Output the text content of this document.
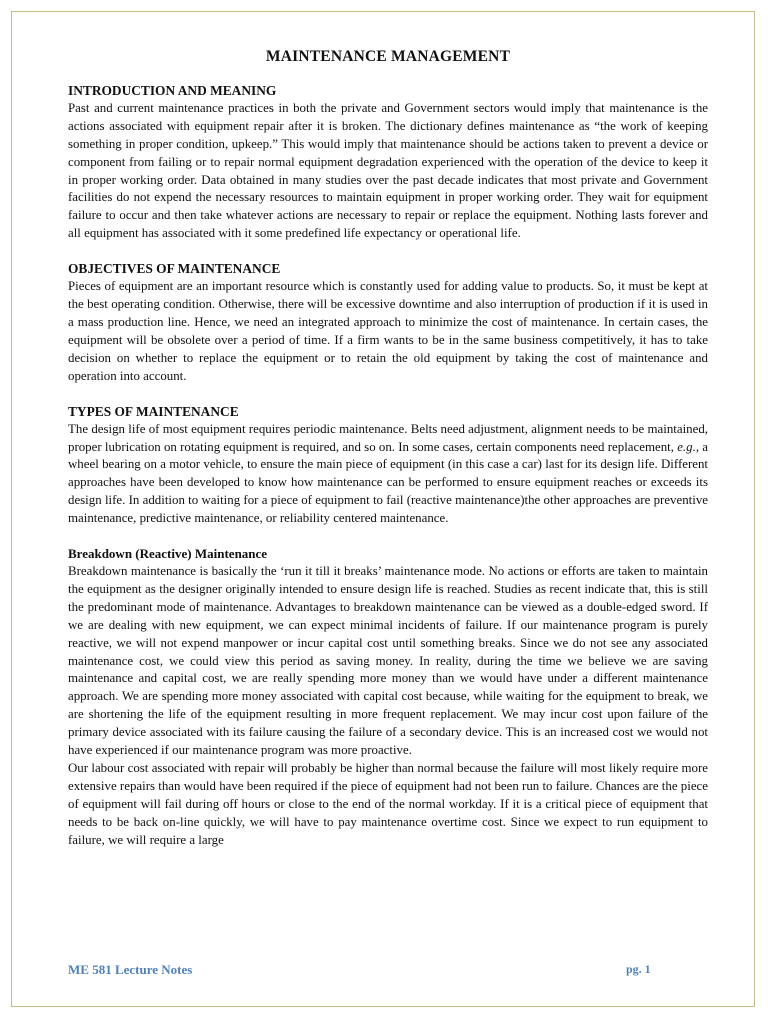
MAINTENANCE MANAGEMENT
INTRODUCTION AND MEANING

Past and current maintenance practices in both the private and Government sectors would imply that maintenance is the actions associated with equipment repair after it is broken. The dictionary defines maintenance as “the work of keeping something in proper condition, upkeep.” This would imply that maintenance should be actions taken to prevent a device or component from failing or to repair normal equipment degradation experienced with the operation of the device to keep it in proper working order. Data obtained in many studies over the past decade indicates that most private and Government facilities do not expend the necessary resources to maintain equipment in proper working order. They wait for equipment failure to occur and then take whatever actions are necessary to repair or replace the equipment. Nothing lasts forever and all equipment has associated with it some predefined life expectancy or operational life.

OBJECTIVES OF MAINTENANCE

Pieces of equipment are an important resource which is constantly used for adding value to products. So, it must be kept at the best operating condition. Otherwise, there will be excessive downtime and also interruption of production if it is used in a mass production line. Hence, we need an integrated approach to minimize the cost of maintenance. In certain cases, the equipment will be obsolete over a period of time. If a firm wants to be in the same business competitively, it has to take decision on whether to replace the equipment or to retain the old equipment by taking the cost of maintenance and operation into account.

TYPES OF MAINTENANCE

The design life of most equipment requires periodic maintenance. Belts need adjustment, alignment needs to be maintained, proper lubrication on rotating equipment is required, and so on. In some cases, certain components need replacement, e.g., a wheel bearing on a motor vehicle, to ensure the main piece of equipment (in this case a car) last for its design life. Different approaches have been developed to know how maintenance can be performed to ensure equipment reaches or exceeds its design life. In addition to waiting for a piece of equipment to fail (reactive maintenance)the other approaches are preventive maintenance, predictive maintenance, or reliability centered maintenance.

Breakdown (Reactive) Maintenance

Breakdown maintenance is basically the ‘run it till it breaks’ maintenance mode. No actions or efforts are taken to maintain the equipment as the designer originally intended to ensure design life is reached. Studies as recent indicate that, this is still the predominant mode of maintenance. Advantages to breakdown maintenance can be viewed as a double-edged sword. If we are dealing with new equipment, we can expect minimal incidents of failure. If our maintenance program is purely reactive, we will not expend manpower or incur capital cost until something breaks. Since we do not see any associated maintenance cost, we could view this period as saving money. In reality, during the time we believe we are saving maintenance and capital cost, we are really spending more money than we would have under a different maintenance approach. We are spending more money associated with capital cost because, while waiting for the equipment to break, we are shortening the life of the equipment resulting in more frequent replacement. We may incur cost upon failure of the primary device associated with its failure causing the failure of a secondary device. This is an increased cost we would not have experienced if our maintenance program was more proactive.

Our labour cost associated with repair will probably be higher than normal because the failure will most likely require more extensive repairs than would have been required if the piece of equipment had not been run to failure. Chances are the piece of equipment will fail during off hours or close to the end of the normal workday. If it is a critical piece of equipment that needs to be back on-line quickly, we will have to pay maintenance overtime cost. Since we expect to run equipment to failure, we will require a large

ME 581 Lecture Notes	pg. 1
